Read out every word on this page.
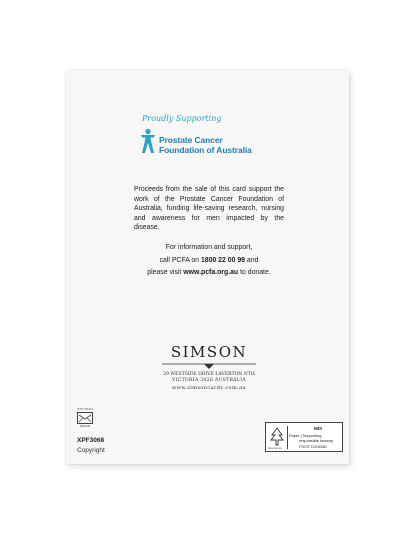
Proudly Supporting
Prostate Cancer
Foundation of Australia
Proceeds from the sale of this card support the work of the Prostate Cancer Foundation of Australia, funding life-saving research, nursing and awareness for men impacted by the disease.
For information and support,
call PCFA on 1800 22 00 99 and
please visit www.pcfa.org.au to donate.
SIMSON
29 WESTSIDE DRIVE LAVERTON NTH
VICTORIA 3026 AUSTRALIA
www.simsoncards.com.au
POST OFFICE
PREPAID
XPF3068
Copyright	www.fsc.org
MIX
Paper | Supporting
responsible forestry
FSC® C019285
